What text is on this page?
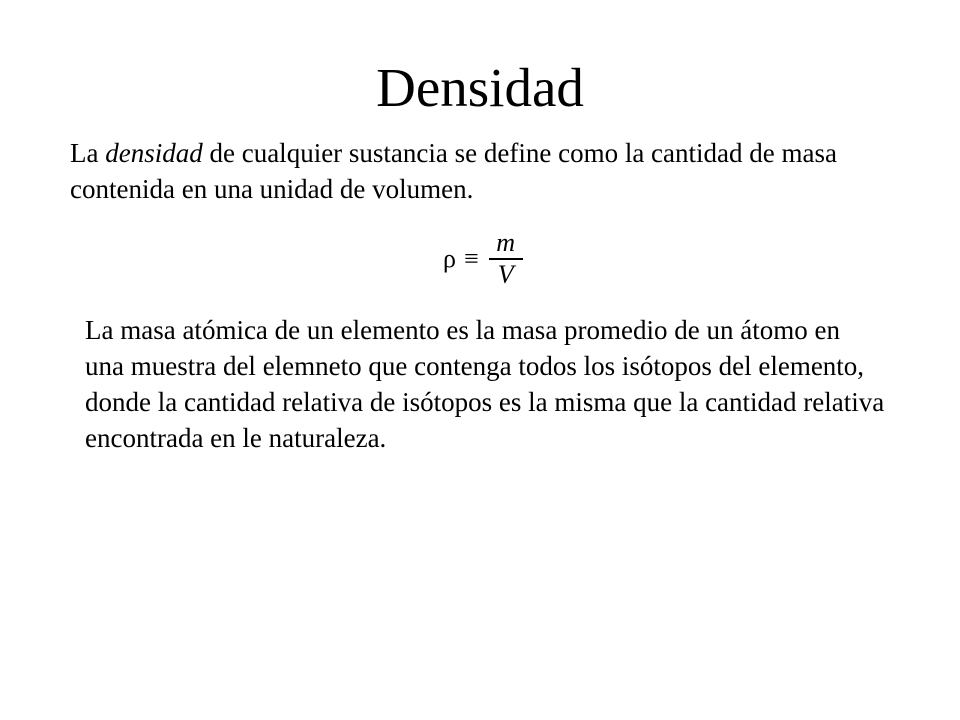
Densidad

La densidad de cualquier sustancia se define como la cantidad de masa contenida en una unidad de volumen.

$\rho \equiv \frac{m}{V}$

La masa atómica de un elemento es la masa promedio de un átomo en una muestra del elemneto que contenga todos los isótopos del elemento, donde la cantidad relativa de isótopos es la misma que la cantidad relativa encontrada en le naturaleza.
